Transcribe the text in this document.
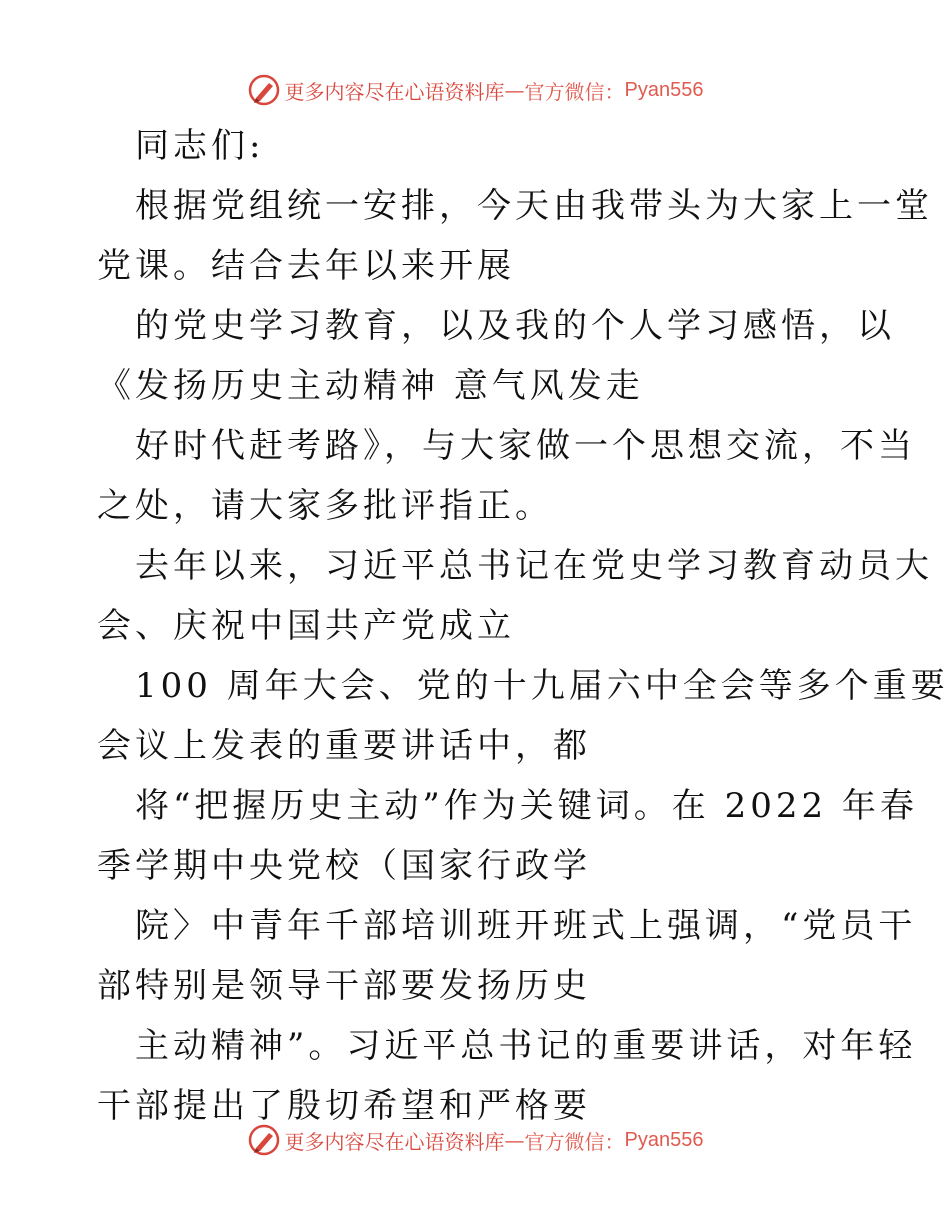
更多内容尽在心语资料库 — 官方微信： Pyan556
同志们:
根据党组统一安排，今天由我带头为大家上一堂
党课。结合去年以来开展
的党史学习教育，以及我的个人学习感悟，以
《发扬历史主动精神 意气风发走
好时代赶考路》，与大家做一个思想交流，不当
之处，请大家多批评指正。
去年以来，习近平总书记在党史学习教育动员大
会、庆祝中国共产党成立
100 周年大会、党的十九届六中全会等多个重要
会议上发表的重要讲话中，都
将“把握历史主动”作为关键词。在 2022 年春
季学期中央党校（国家行政学
院〉中青年千部培训班开班式上强调，“党员干
部特别是领导干部要发扬历史
主动精神”。习近平总书记的重要讲话，对年轻
干部提出了殷切希望和严格要
更多内容尽在心语资料库 — 官方微信： Pyan556
